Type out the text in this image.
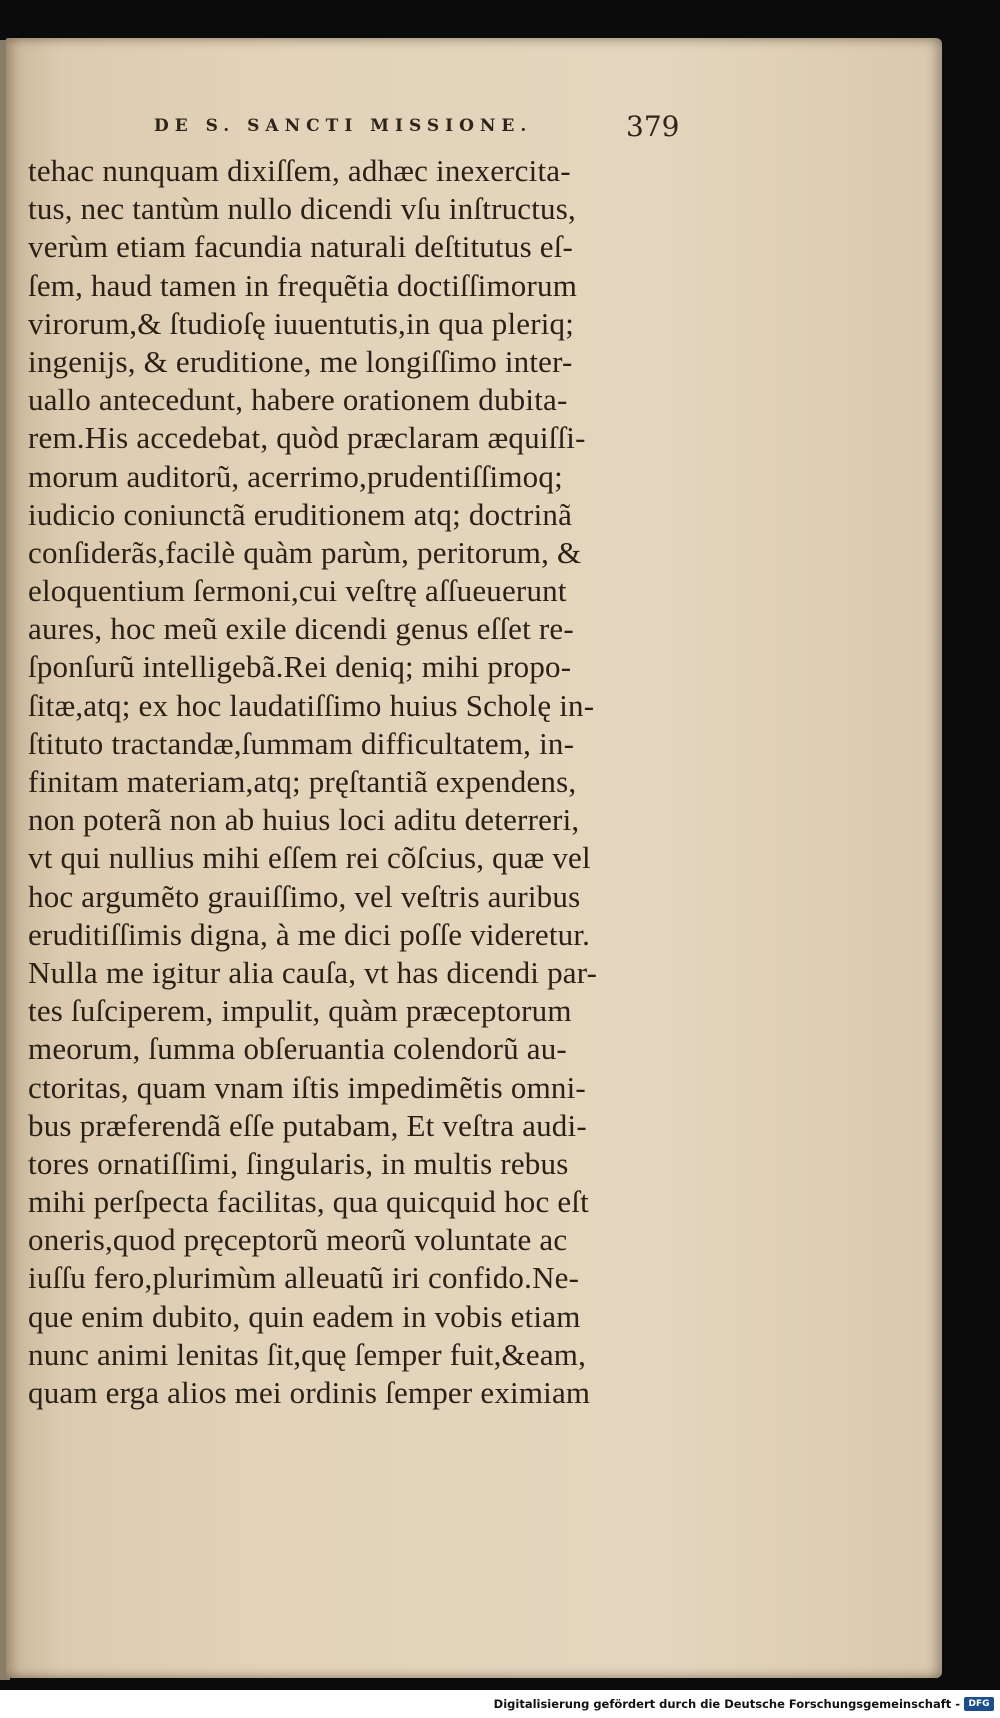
DE S. SANCTI MISSIONE.	379
tehac nunquam dixiſſem, adhæc inexercita-
tus, nec tantùm nullo dicendi vſu inſtructus,
verùm etiam facundia naturali deſtitutus eſ-
ſem, haud tamen in frequẽtia doctiſſimorum
virorum,& ſtudioſę iuuentutis,in qua pleriq;
ingenijs, & eruditione, me longiſſimo inter-
uallo antecedunt, habere orationem dubita-
rem.His accedebat, quòd præclaram æquiſſi-
morum auditorũ, acerrimo,prudentiſſimoq;
iudicio coniunctã eruditionem atq; doctrinã
conſiderãs,facilè quàm parùm, peritorum, &
eloquentium ſermoni,cui veſtrę aſſueuerunt
aures, hoc meũ exile dicendi genus eſſet re-
ſponſurũ intelligebã.Rei deniq; mihi propo-
ſitæ,atq; ex hoc laudatiſſimo huius Scholę in-
ſtituto tractandæ,ſummam difficultatem, in-
finitam materiam,atq; pręſtantiã expendens,
non poterã non ab huius loci aditu deterreri,
vt qui nullius mihi eſſem rei cõſcius, quæ vel
hoc argumẽto grauiſſimo, vel veſtris auribus
eruditiſſimis digna, à me dici poſſe videretur.
Nulla me igitur alia cauſa, vt has dicendi par-
tes ſuſciperem, impulit, quàm præceptorum
meorum, ſumma obſeruantia colendorũ au-
ctoritas, quam vnam iſtis impedimẽtis omni-
bus præferendã eſſe putabam, Et veſtra audi-
tores ornatiſſimi, ſingularis, in multis rebus
mihi perſpecta facilitas, qua quicquid hoc eſt
oneris,quod pręceptorũ meorũ voluntate ac
iuſſu fero,plurimùm alleuatũ iri confido.Ne-
que enim dubito, quin eadem in vobis etiam
nunc animi lenitas ſit,quę ſemper fuit,&eam,
quam erga alios mei ordinis ſemper eximiam
Digitalisierung gefördert durch die Deutsche Forschungsgemeinschaft - DFG
